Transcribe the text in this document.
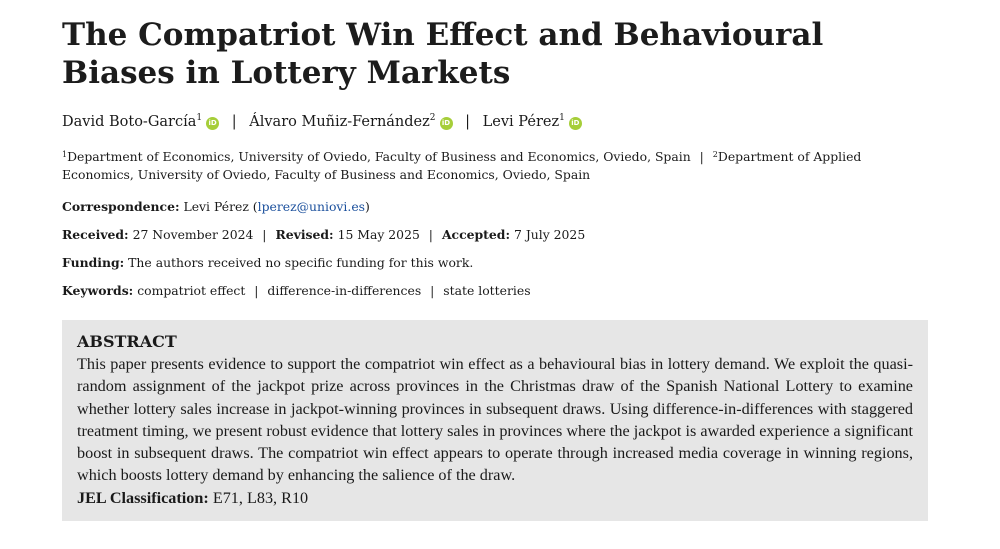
The Compatriot Win Effect and Behavioural Biases in Lottery Markets
David Boto-García$^1$ iD | Álvaro Muñiz-Fernández$^2$ iD | Levi Pérez$^1$ iD
$^1$Department of Economics, University of Oviedo, Faculty of Business and Economics, Oviedo, Spain | $^2$Department of Applied Economics, University of Oviedo, Faculty of Business and Economics, Oviedo, Spain
Correspondence: Levi Pérez (lperez@uniovi.es)
Received: 27 November 2024 | Revised: 15 May 2025 | Accepted: 7 July 2025
Funding: The authors received no specific funding for this work.
Keywords: compatriot effect | difference-in-differences | state lotteries
ABSTRACT

This paper presents evidence to support the compatriot win effect as a behavioural bias in lottery demand. We exploit the quasi-random assignment of the jackpot prize across provinces in the Christmas draw of the Spanish National Lottery to examine whether lottery sales increase in jackpot-winning provinces in subsequent draws. Using difference-in-differences with staggered treatment timing, we present robust evidence that lottery sales in provinces where the jackpot is awarded experience a significant boost in subsequent draws. The compatriot win effect appears to operate through increased media coverage in winning regions, which boosts lottery demand by enhancing the salience of the draw.

JEL Classification: E71, L83, R10
